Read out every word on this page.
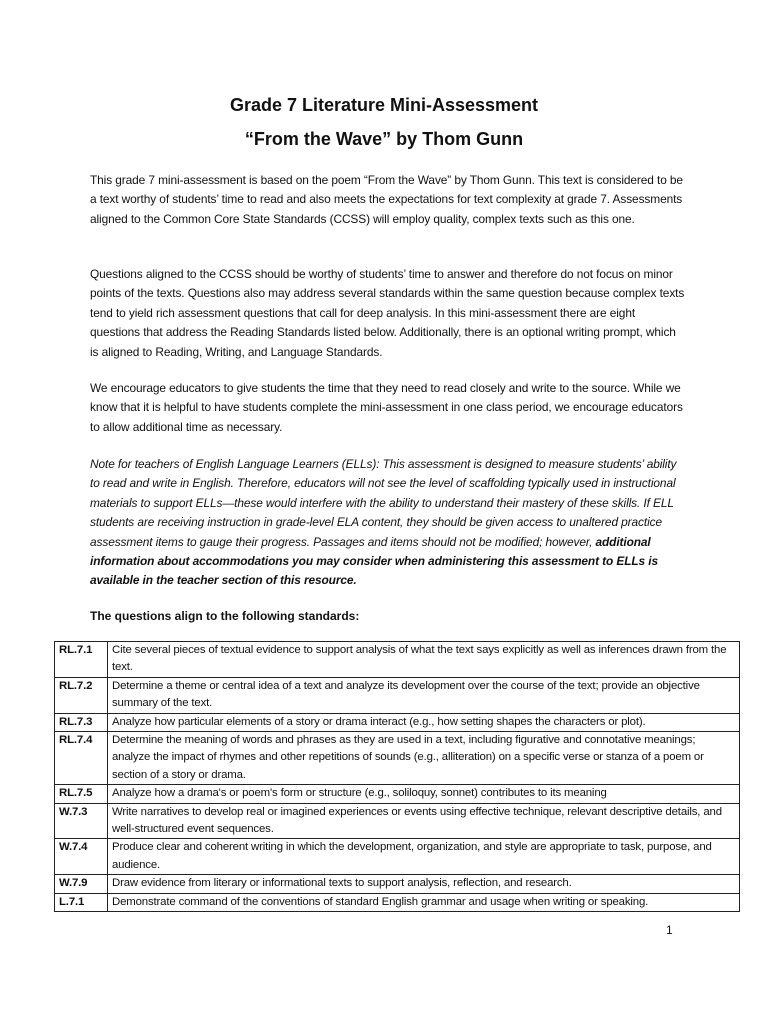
Grade 7 Literature Mini-Assessment
“From the Wave” by Thom Gunn
This grade 7 mini-assessment is based on the poem “From the Wave” by Thom Gunn. This text is considered to be a text worthy of students’ time to read and also meets the expectations for text complexity at grade 7. Assessments aligned to the Common Core State Standards (CCSS) will employ quality, complex texts such as this one.
Questions aligned to the CCSS should be worthy of students’ time to answer and therefore do not focus on minor points of the texts. Questions also may address several standards within the same question because complex texts tend to yield rich assessment questions that call for deep analysis. In this mini-assessment there are eight questions that address the Reading Standards listed below. Additionally, there is an optional writing prompt, which is aligned to Reading, Writing, and Language Standards.
We encourage educators to give students the time that they need to read closely and write to the source. While we know that it is helpful to have students complete the mini-assessment in one class period, we encourage educators to allow additional time as necessary.
Note for teachers of English Language Learners (ELLs): This assessment is designed to measure students’ ability to read and write in English. Therefore, educators will not see the level of scaffolding typically used in instructional materials to support ELLs—these would interfere with the ability to understand their mastery of these skills. If ELL students are receiving instruction in grade-level ELA content, they should be given access to unaltered practice assessment items to gauge their progress. Passages and items should not be modified; however, additional information about accommodations you may consider when administering this assessment to ELLs is available in the teacher section of this resource.
The questions align to the following standards:
RL.7.1	Cite several pieces of textual evidence to support analysis of what the text says explicitly as well as inferences drawn from the text.
RL.7.2	Determine a theme or central idea of a text and analyze its development over the course of the text; provide an objective summary of the text.
RL.7.3	Analyze how particular elements of a story or drama interact (e.g., how setting shapes the characters or plot).
RL.7.4	Determine the meaning of words and phrases as they are used in a text, including figurative and connotative meanings; analyze the impact of rhymes and other repetitions of sounds (e.g., alliteration) on a specific verse or stanza of a poem or section of a story or drama.
RL.7.5	Analyze how a drama's or poem's form or structure (e.g., soliloquy, sonnet) contributes to its meaning
W.7.3	Write narratives to develop real or imagined experiences or events using effective technique, relevant descriptive details, and well-structured event sequences.
W.7.4	Produce clear and coherent writing in which the development, organization, and style are appropriate to task, purpose, and audience.
W.7.9	Draw evidence from literary or informational texts to support analysis, reflection, and research.
L.7.1	Demonstrate command of the conventions of standard English grammar and usage when writing or speaking.
1
